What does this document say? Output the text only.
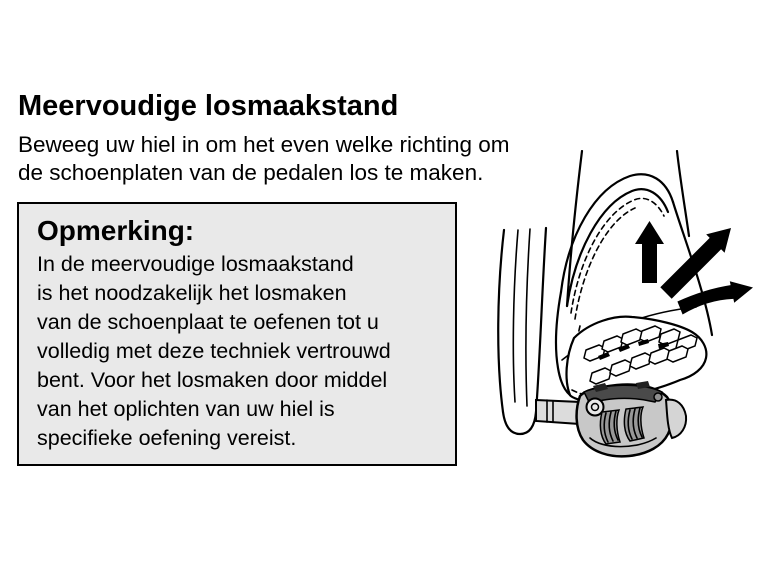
Meervoudige losmaakstand

Beweeg uw hiel in om het even welke richting om
de schoenplaten van de pedalen los te maken.

Opmerking:
In de meervoudige losmaakstand
is het noodzakelijk het losmaken
van de schoenplaat te oefenen tot u
volledig met deze techniek vertrouwd
bent. Voor het losmaken door middel
van het oplichten van uw hiel is
specifieke oefening vereist.
